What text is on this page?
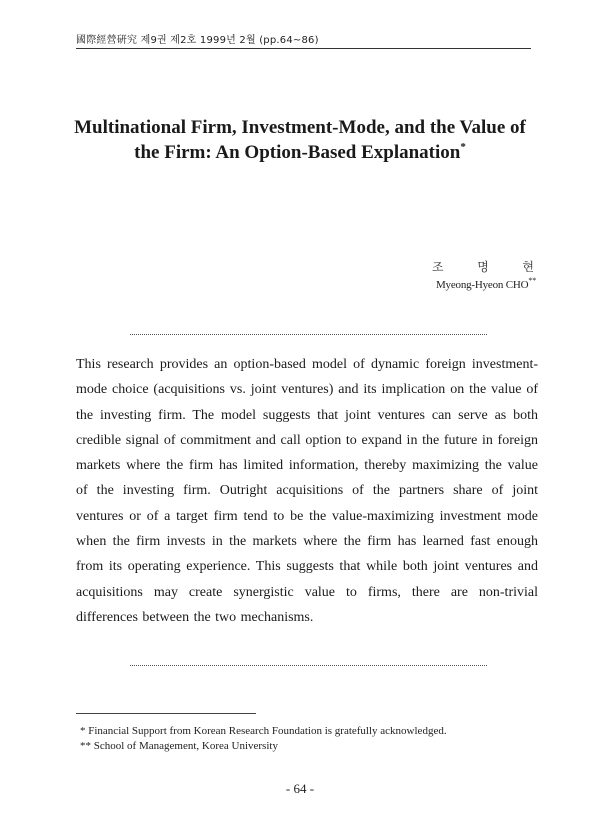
國際經營硏究 제9권 제2호 1999년 2월 (pp.64~86)
Multinational Firm, Investment-Mode, and the Value of
the Firm: An Option-Based Explanation*
조	명	현
Myeong-Hyeon CHO**

This research provides an option-based model of dynamic foreign investment-mode choice (acquisitions vs. joint ventures) and its implication on the value of the investing firm. The model suggests that joint ventures can serve as both credible signal of commitment and call option to expand in the future in foreign markets where the firm has limited information, thereby maximizing the value of the investing firm. Outright acquisitions of the partners share of joint ventures or of a target firm tend to be the value-maximizing investment mode when the firm invests in the markets where the firm has learned fast enough from its operating experience. This suggests that while both joint ventures and acquisitions may create synergistic value to firms, there are non-trivial differences between the two mechanisms.

* Financial Support from Korean Research Foundation is gratefully acknowledged.
** School of Management, Korea University
- 64 -
